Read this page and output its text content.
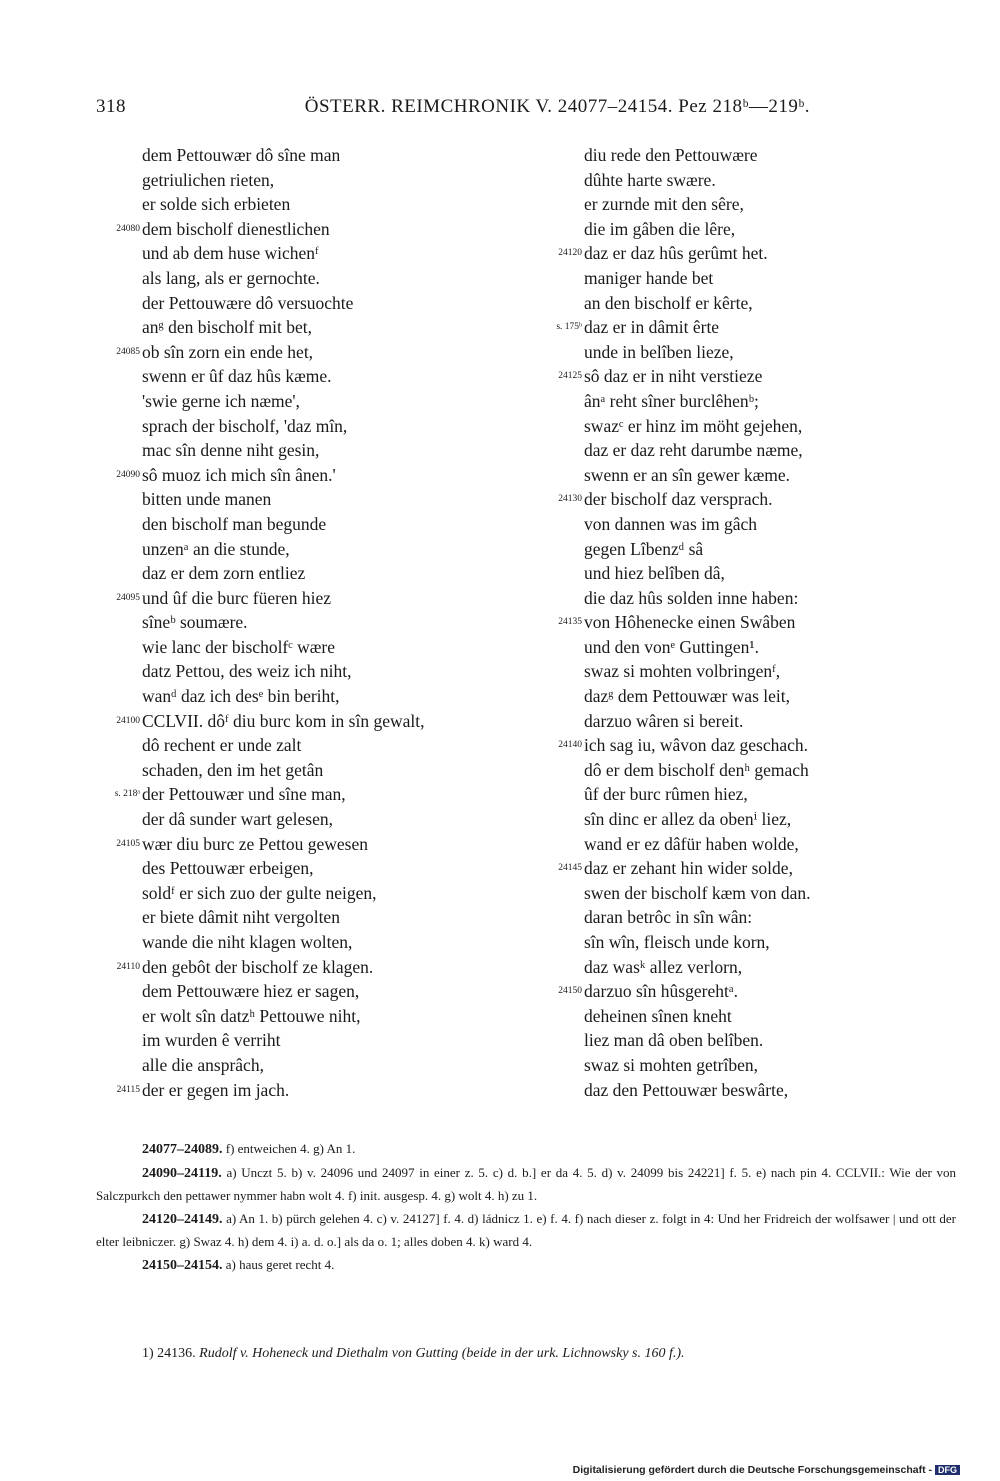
318	ÖSTERR. REIMCHRONIK V. 24077–24154. Pez 218ᵇ—219ᵇ.
dem Pettouwær dô sîne man
getriulichen rieten,
er solde sich erbieten
24080 dem bischolf dienestlichen
und ab dem huse wichenᶠ
als lang, als er gernochte.
der Pettouwære dô versuochte
anᵍ den bischolf mit bet,
24085 ob sîn zorn ein ende het,
swenn er ûf daz hûs kæme.
'swie gerne ich næme',
sprach der bischolf, 'daz mîn,
mac sîn denne niht gesin,
24090 sô muoz ich mich sîn ânen.'
bitten unde manen
den bischolf man begunde
unzenᵃ an die stunde,
daz er dem zorn entliez
24095 und ûf die burc füeren hiez
sîneᵇ soumære.
wie lanc der bischolfᶜ wære
datz Pettou, des weiz ich niht,
wanᵈ daz ich desᵉ bin beriht,
24100 CCLVII. dôᶠ diu burc kom in sîn gewalt,
dô rechent er unde zalt
schaden, den im het getân
s. 218ᵃ der Pettouwær und sîne man,
der dâ sunder wart gelesen,
24105 wær diu burc ze Pettou gewesen
des Pettouwær erbeigen,
soldᶠ er sich zuo der gulte neigen,
er biete dâmit niht vergolten
wande die niht klagen wolten,
24110 den gebôt der bischolf ze klagen.
dem Pettouwære hiez er sagen,
er wolt sîn datzʰ Pettouwe niht,
im wurden ê verriht
alle die ansprâch,
24115 der er gegen im jach.
diu rede den Pettouwære
dûhte harte swære.
er zurnde mit den sêre,
die im gâben die lêre,
24120 daz er daz hûs gerûmt het.
maniger hande bet
an den bischolf er kêrte,
s. 175ᵇ daz er in dâmit êrte
unde in belîben lieze,
24125 sô daz er in niht verstieze
ânᵃ reht sîner burclêhenᵇ;
swazᶜ er hinz im möht gejehen,
daz er daz reht darumbe næme,
swenn er an sîn gewer kæme.
24130 der bischolf daz versprach.
von dannen was im gâch
gegen Lîbenzᵈ sâ
und hiez belîben dâ,
die daz hûs solden inne haben:
24135 von Hôhenecke einen Swâben
und den vonᵉ Guttingen¹.
swaz si mohten volbringenᶠ,
dazᵍ dem Pettouwær was leit,
darzuo wâren si bereit.
24140 ich sag iu, wâvon daz geschach.
dô er dem bischolf denʰ gemach
ûf der burc rûmen hiez,
sîn dinc er allez da obenⁱ liez,
wand er ez dâfür haben wolde,
24145 daz er zehant hin wider solde,
swen der bischolf kæm von dan.
daran betrôc in sîn wân:
sîn wîn, fleisch unde korn,
daz wasᵏ allez verlorn,
24150 darzuo sîn hûsgerehtᵃ.
deheinen sînen kneht
liez man dâ oben belîben.
swaz si mohten getrîben,
daz den Pettouwær beswârte,

24077–24089. f) entweichen 4. g) An 1.

24090–24119. a) Unczt 5. b) v. 24096 und 24097 in einer z. 5. c) d. b.] er da 4. 5. d) v. 24099 bis 24221] f. 5. e) nach pin 4. CCLVII.: Wie der von Salczpurkch den pettawer nymmer habn wolt 4. f) init. ausgesp. 4. g) wolt 4. h) zu 1.

24120–24149. a) An 1. b) pürch gelehen 4. c) v. 24127] f. 4. d) ládnicz 1. e) f. 4. f) nach dieser z. folgt in 4: Und her Fridreich der wolfsawer | und ott der elter leibniczer. g) Swaz 4. h) dem 4. i) a. d. o.] als da o. 1; alles doben 4. k) ward 4.

24150–24154. a) haus geret recht 4.

1) 24136. Rudolf v. Hoheneck und Diethalm von Gutting (beide in der urk. Lichnowsky s. 160 f.).
Digitalisierung gefördert durch die Deutsche Forschungsgemeinschaft - DFG
